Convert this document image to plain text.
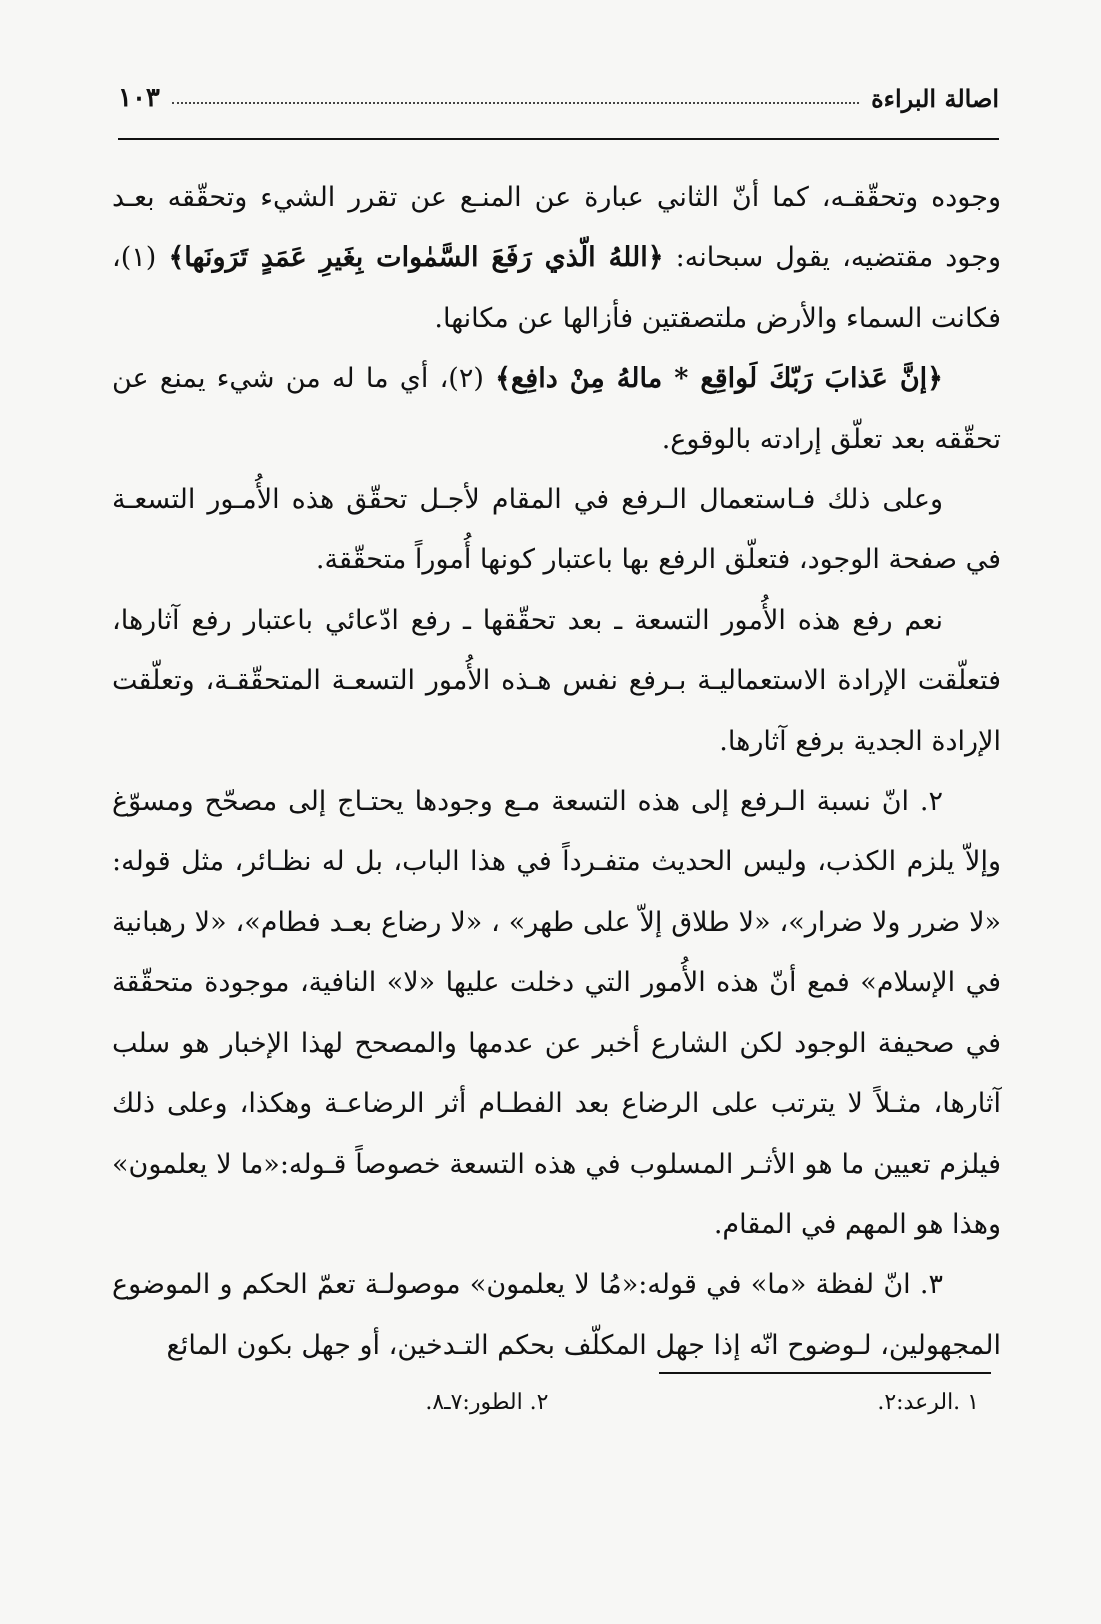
اصالة البراءة
١٠٣

وجوده وتحقّقـه، كما أنّ الثاني عبارة عن المنـع عن تقرر الشيء وتحقّقه بعـد وجود مقتضيه، يقول سبحانه: ﴿اللهُ الّذي رَفَعَ السَّمٰوات بِغَيرِ عَمَدٍ تَرَونَها﴾ (١)، فكانت السماء والأرض ملتصقتين فأزالها عن مكانها.

﴿إنَّ عَذابَ رَبّكَ لَواقِع * مالهُ مِنْ دافِع﴾ (٢)، أي ما له من شيء يمنع عن تحقّقه بعد تعلّق إرادته بالوقوع.

وعلى ذلك فـاستعمال الـرفع في المقام لأجـل تحقّق هذه الأُمـور التسعـة في صفحة الوجود، فتعلّق الرفع بها باعتبار كونها أُموراً متحقّقة.

نعم رفع هذه الأُمور التسعة ـ بعد تحقّقها ـ رفع ادّعائي باعتبار رفع آثارها، فتعلّقت الإرادة الاستعماليـة بـرفع نفس هـذه الأُمور التسعـة المتحقّقـة، وتعلّقت الإرادة الجدية برفع آثارها.

٢. انّ نسبة الـرفع إلى هذه التسعة مـع وجودها يحتـاج إلى مصحّح ومسوّغ وإلاّ يلزم الكذب، وليس الحديث متفـرداً في هذا الباب، بل له نظـائر، مثل قوله: «لا ضرر ولا ضرار»، «لا طلاق إلاّ على طهر» ، «لا رضاع بعـد فطام»، «لا رهبانية في الإسلام» فمع أنّ هذه الأُمور التي دخلت عليها «لا» النافية، موجودة متحقّقة في صحيفة الوجود لكن الشارع أخبر عن عدمها والمصحح لهذا الإخبار هو سلب آثارها، مثـلاً لا يترتب على الرضاع بعد الفطـام أثر الرضاعـة وهكذا، وعلى ذلك فيلزم تعيين ما هو الأثـر المسلوب في هذه التسعة خصوصاً قـوله:«ما لا يعلمون» وهذا هو المهم في المقام.

٣. انّ لفظة «ما» في قوله:«مُا لا يعلمون» موصولـة تعمّ الحكم و الموضوع المجهولين، لـوضوح انّه إذا جهل المكلّف بحكم التـدخين، أو جهل بكون المائع

١ .الرعد:٢.
٢. الطور:٧ـ٨.
